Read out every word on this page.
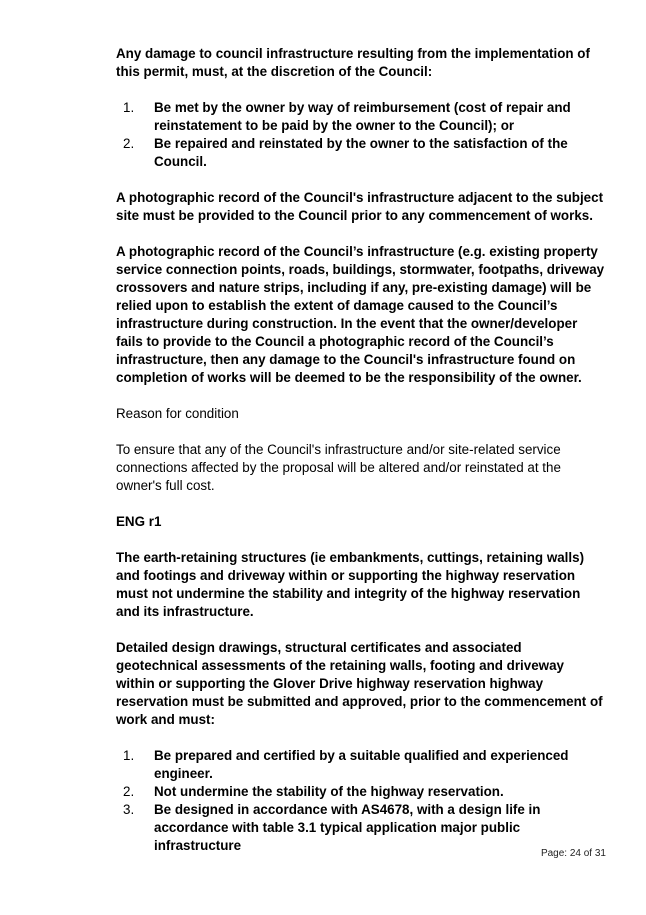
Any damage to council infrastructure resulting from the implementation of this permit, must, at the discretion of the Council:

1. Be met by the owner by way of reimbursement (cost of repair and reinstatement to be paid by the owner to the Council); or
2. Be repaired and reinstated by the owner to the satisfaction of the Council.

A photographic record of the Council's infrastructure adjacent to the subject site must be provided to the Council prior to any commencement of works.

A photographic record of the Council’s infrastructure (e.g. existing property service connection points, roads, buildings, stormwater, footpaths, driveway crossovers and nature strips, including if any, pre-existing damage) will be relied upon to establish the extent of damage caused to the Council’s infrastructure during construction. In the event that the owner/developer fails to provide to the Council a photographic record of the Council’s infrastructure, then any damage to the Council's infrastructure found on completion of works will be deemed to be the responsibility of the owner.

Reason for condition

To ensure that any of the Council's infrastructure and/or site-related service connections affected by the proposal will be altered and/or reinstated at the owner's full cost.

ENG r1

The earth-retaining structures (ie embankments, cuttings, retaining walls) and footings and driveway within or supporting the highway reservation must not undermine the stability and integrity of the highway reservation and its infrastructure.

Detailed design drawings, structural certificates and associated geotechnical assessments of the retaining walls, footing and driveway within or supporting the Glover Drive highway reservation highway reservation must be submitted and approved, prior to the commencement of work and must:

1. Be prepared and certified by a suitable qualified and experienced engineer.
2. Not undermine the stability of the highway reservation.
3. Be designed in accordance with AS4678, with a design life in accordance with table 3.1 typical application major public infrastructure
Page: 24 of 31
